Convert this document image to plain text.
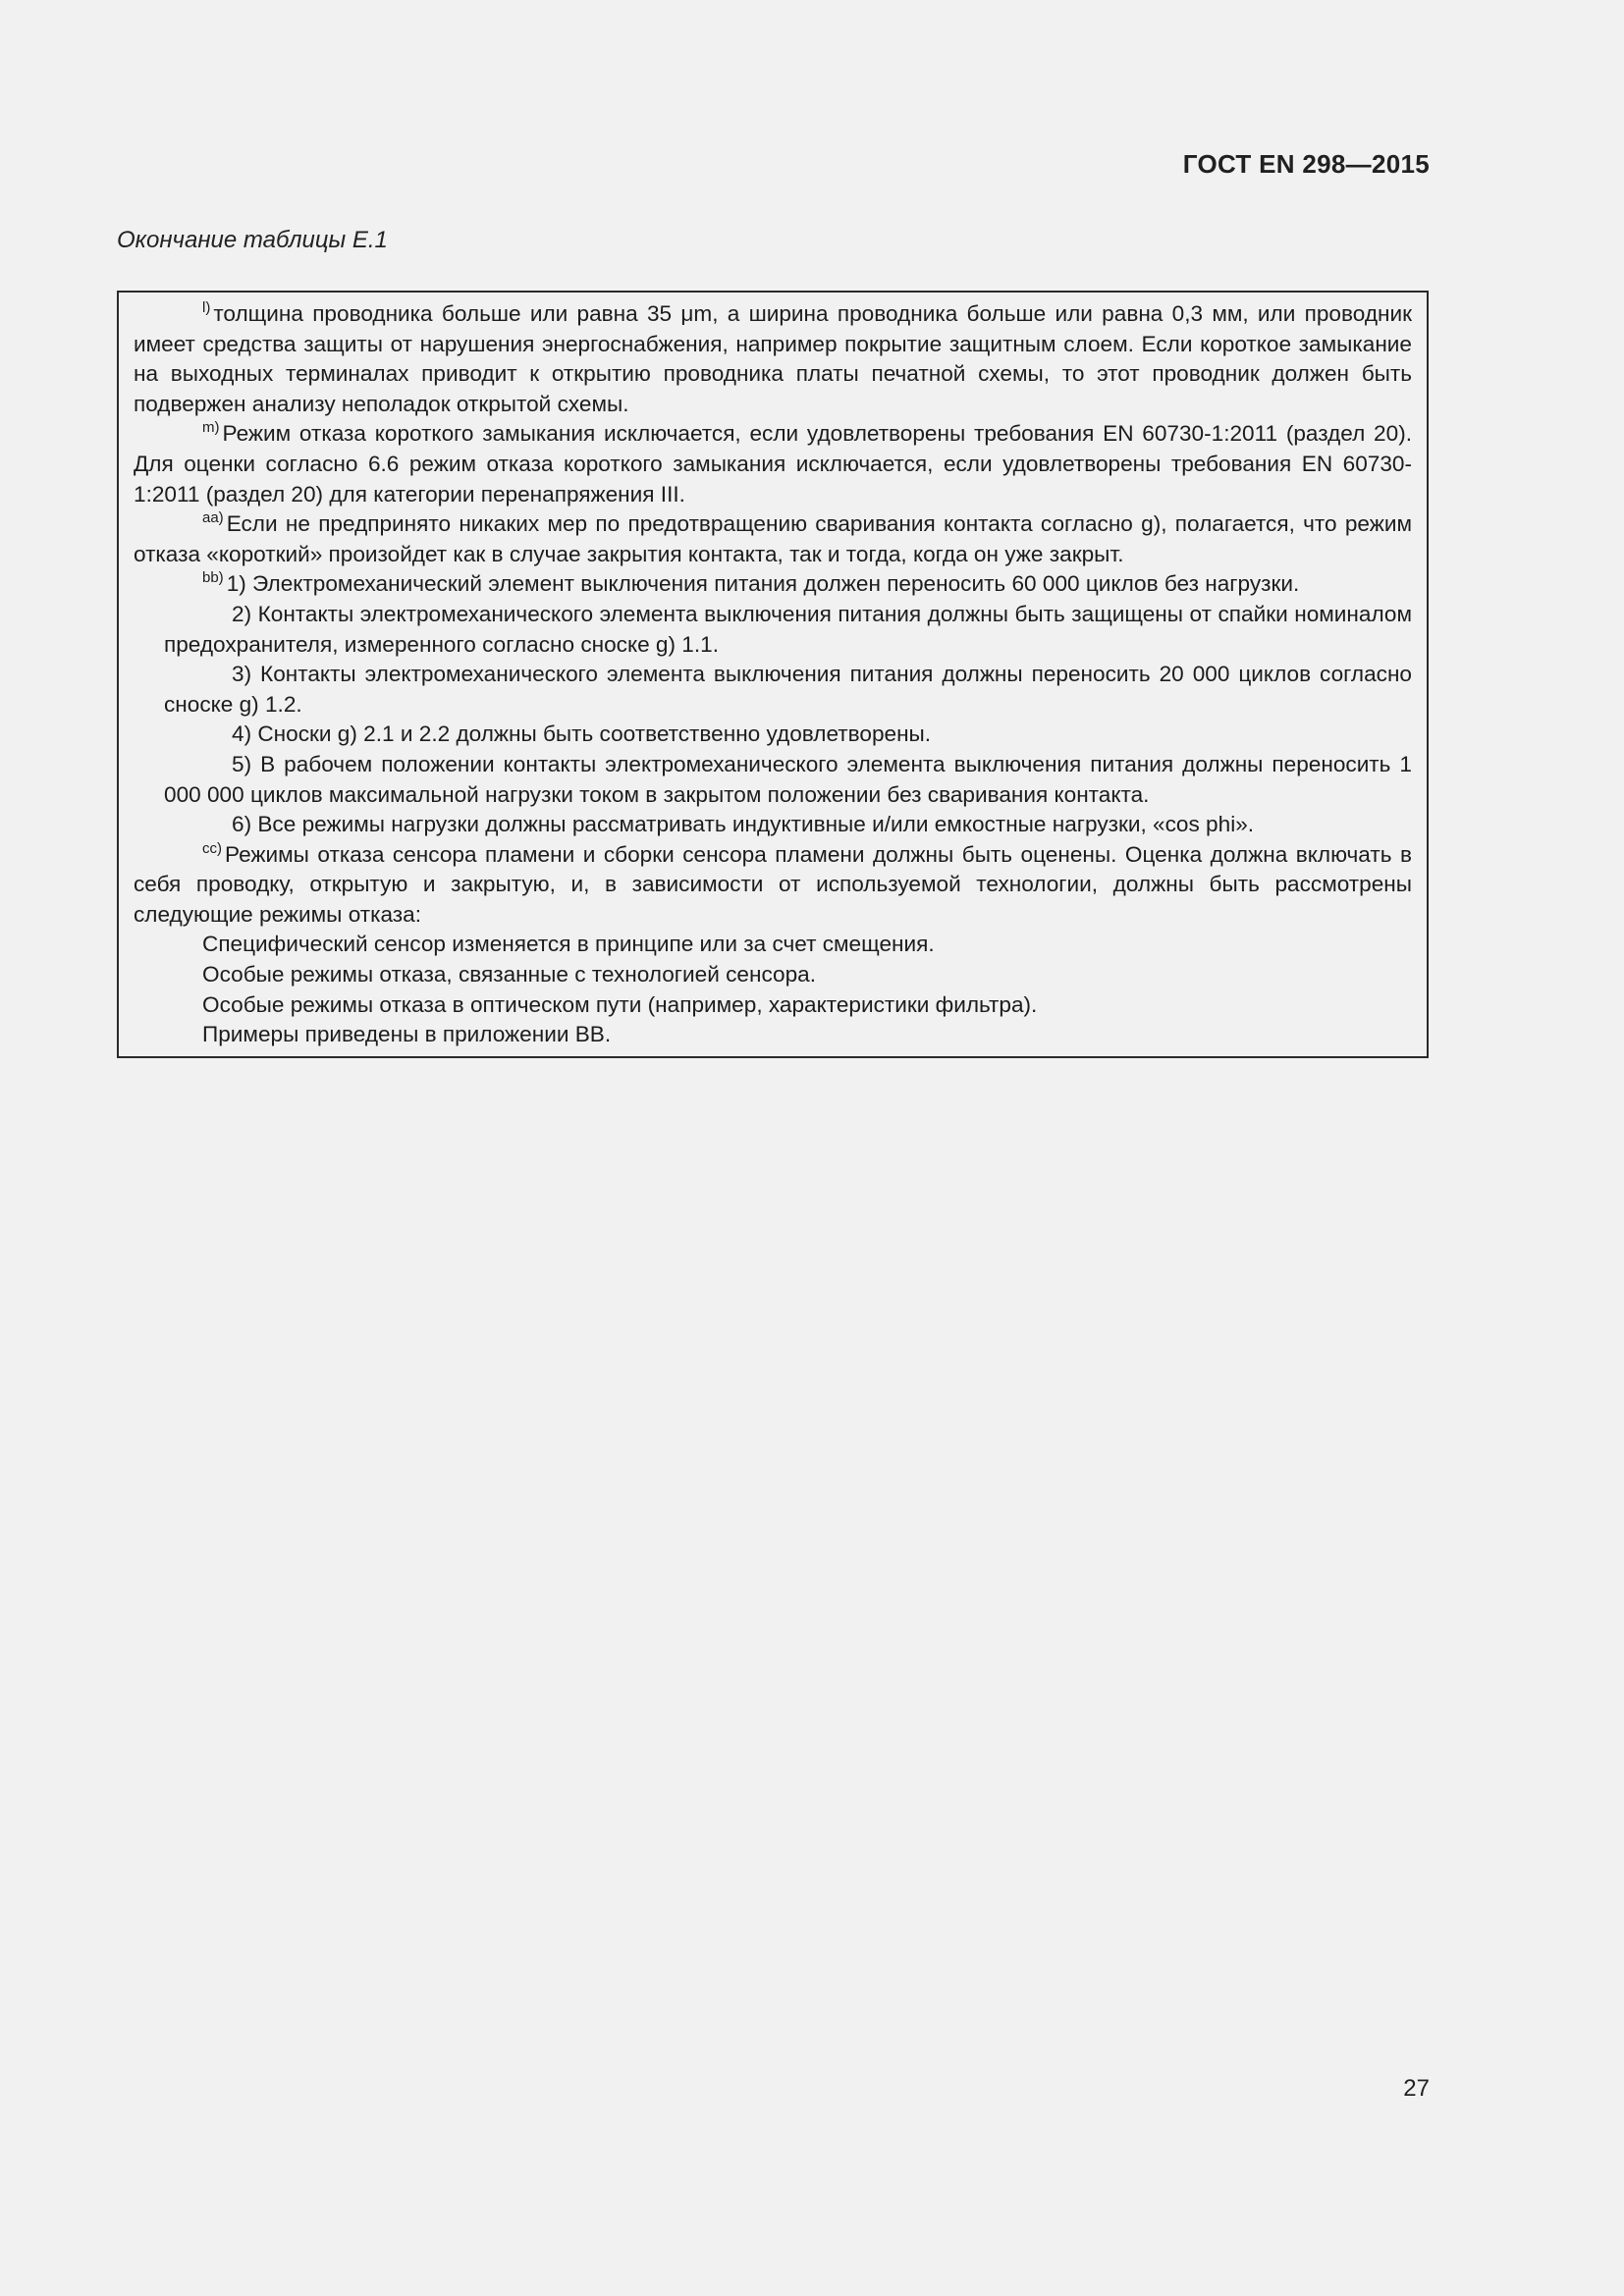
ГОСТ EN 298—2015
Окончание таблицы Е.1

$^{l)}$ толщина проводника больше или равна 35 μm, а ширина проводника больше или равна 0,3 мм, или проводник имеет средства защиты от нарушения энергоснабжения, например покрытие защитным слоем. Если короткое замыкание на выходных терминалах приводит к открытию проводника платы печатной схемы, то этот проводник должен быть подвержен анализу неполадок открытой схемы.

$^{m)}$ Режим отказа короткого замыкания исключается, если удовлетворены требования EN 60730-1:2011 (раздел 20). Для оценки согласно 6.6 режим отказа короткого замыкания исключается, если удовлетворены требования EN 60730-1:2011 (раздел 20) для категории перенапряжения III.

$^{aa)}$ Если не предпринято никаких мер по предотвращению сваривания контакта согласно g), полагается, что режим отказа «короткий» произойдет как в случае закрытия контакта, так и тогда, когда он уже закрыт.

$^{bb)}$ 1) Электромеханический элемент выключения питания должен переносить 60 000 циклов без нагрузки.

2) Контакты электромеханического элемента выключения питания должны быть защищены от спайки номиналом предохранителя, измеренного согласно сноске g) 1.1.

3) Контакты электромеханического элемента выключения питания должны переносить 20 000 циклов согласно сноске g) 1.2.

4) Сноски g) 2.1 и 2.2 должны быть соответственно удовлетворены.

5) В рабочем положении контакты электромеханического элемента выключения питания должны переносить 1 000 000 циклов максимальной нагрузки током в закрытом положении без сваривания контакта.

6) Все режимы нагрузки должны рассматривать индуктивные и/или емкостные нагрузки, «cos phi».

$^{cc)}$ Режимы отказа сенсора пламени и сборки сенсора пламени должны быть оценены. Оценка должна включать в себя проводку, открытую и закрытую, и, в зависимости от используемой технологии, должны быть рассмотрены следующие режимы отказа:

Специфический сенсор изменяется в принципе или за счет смещения.

Особые режимы отказа, связанные с технологией сенсора.

Особые режимы отказа в оптическом пути (например, характеристики фильтра).

Примеры приведены в приложении ВВ.

27
